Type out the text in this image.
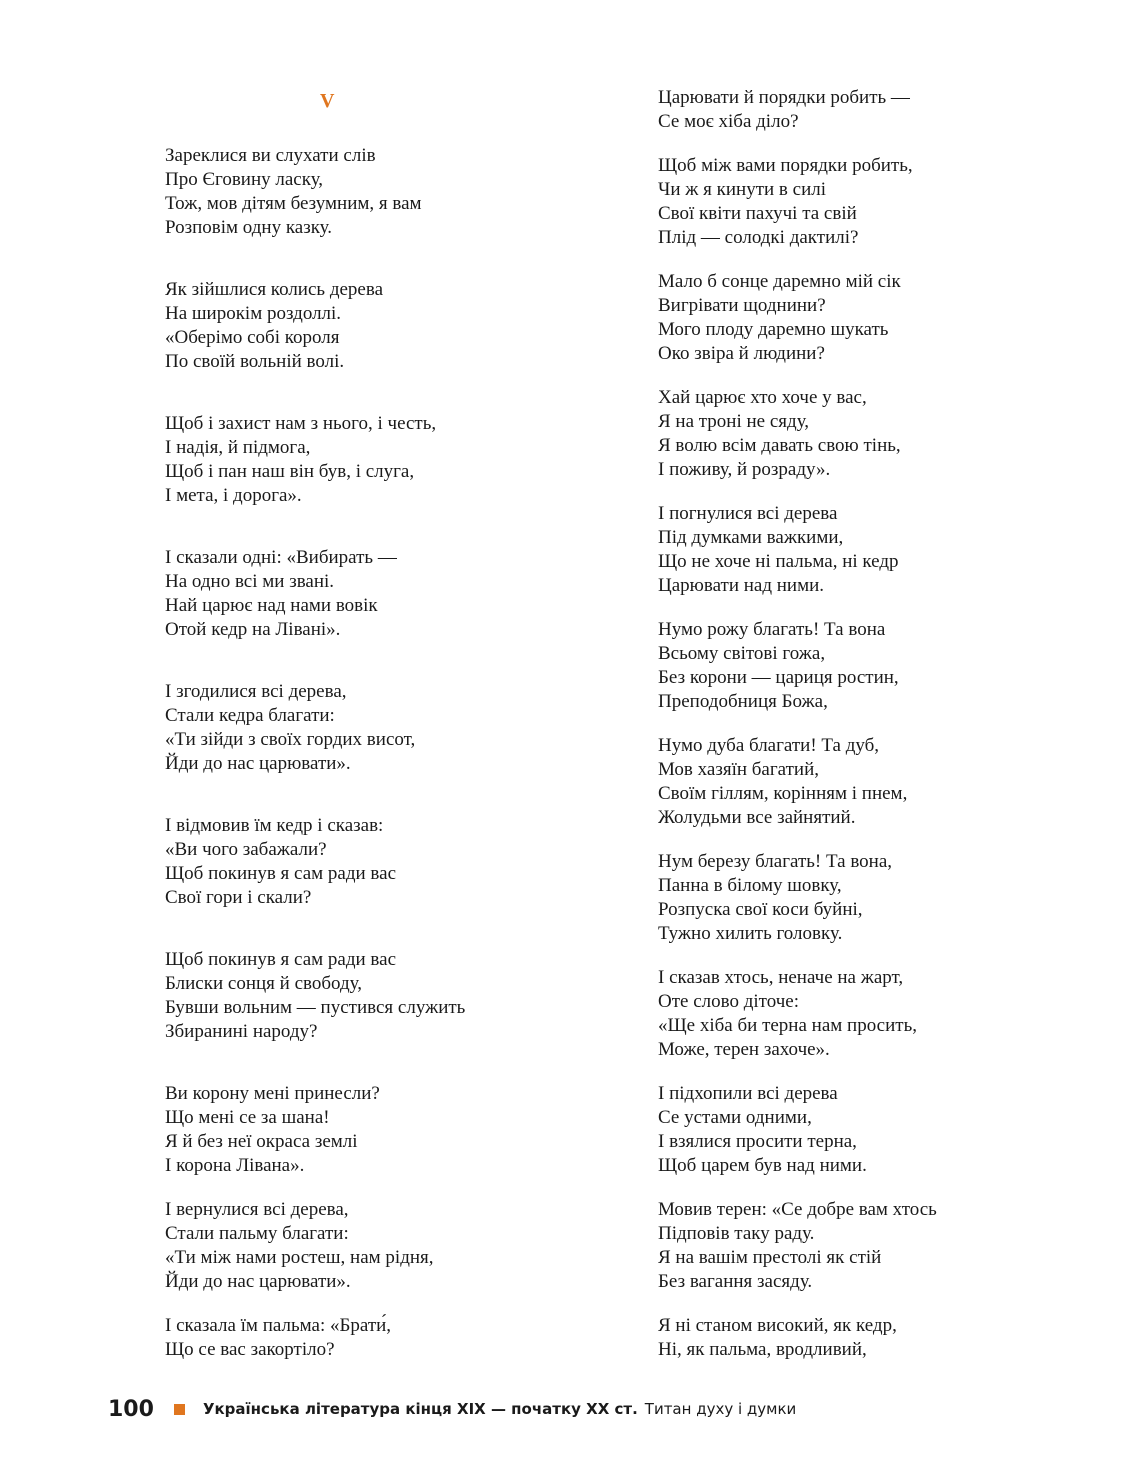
V
Зареклися ви слухати слів
Про Єговину ласку,
Тож, мов дітям безумним, я вам
Розповім одну казку.
Як зійшлися колись дерева
На широкім роздоллі.
«Оберімо собі короля
По своїй вольній волі.
Щоб і захист нам з нього, і честь,
І надія, й підмога,
Щоб і пан наш він був, і слуга,
І мета, і дорога».
І сказали одні: «Вибирать —
На одно всі ми звані.
Най царює над нами вовік
Отой кедр на Лівані».
І згодилися всі дерева,
Стали кедра благати:
«Ти зійди з своїх гордих висот,
Йди до нас царювати».
І відмовив їм кедр і сказав:
«Ви чого забажали?
Щоб покинув я сам ради вас
Свої гори і скали?
Щоб покинув я сам ради вас
Блиски сонця й свободу,
Бувши вольним — пустився служить
Збиранині народу?
Ви корону мені принесли?
Що мені се за шана!
Я й без неї окраса землі
І корона Лівана».
І вернулися всі дерева,
Стали пальму благати:
«Ти між нами ростеш, нам рідня,
Йди до нас царювати».
І сказала їм пальма: «Брати́,
Що се вас закортіло?
Царювати й порядки робить —
Се моє хіба діло?
Щоб між вами порядки робить,
Чи ж я кинути в силі
Свої квіти пахучі та свій
Плід — солодкі дактилі?
Мало б сонце даремно мій сік
Вигрівати щоднини?
Мого плоду даремно шукать
Око звіра й людини?
Хай царює хто хоче у вас,
Я на троні не сяду,
Я волю всім давать свою тінь,
І поживу, й розраду».
І погнулися всі дерева
Під думками важкими,
Що не хоче ні пальма, ні кедр
Царювати над ними.
Нумо рожу благать! Та вона
Всьому світові гожа,
Без корони — цариця ростин,
Преподобниця Божа,
Нумо дуба благати! Та дуб,
Мов хазяїн багатий,
Своїм гіллям, корінням і пнем,
Жолудьми все зайнятий.
Нум березу благать! Та вона,
Панна в білому шовку,
Розпуска свої коси буйні,
Тужно хилить головку.
І сказав хтось, неначе на жарт,
Оте слово діточе:
«Ще хіба би терна нам просить,
Може, терен захоче».
І підхопили всі дерева
Се устами одними,
І взялися просити терна,
Щоб царем був над ними.
Мовив терен: «Се добре вам хтось
Підповів таку раду.
Я на вашім престолі як стій
Без вагання засяду.
Я ні станом високий, як кедр,
Ні, як пальма, вродливий,
100	Українська література кінця XIX — початку XX ст. Титан духу і думки
